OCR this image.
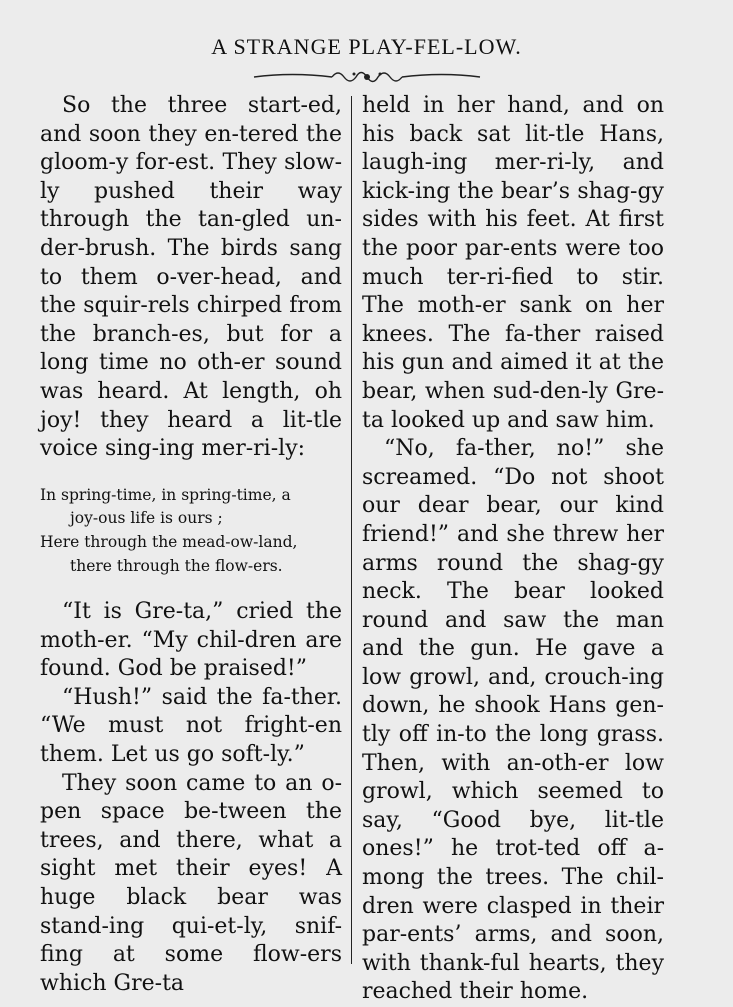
A STRANGE PLAY-FEL-LOW.

So the three start-ed, and soon they en-tered the gloom-y for-est. They slow-ly pushed their way through the tan-gled un-der-brush. The birds sang to them o-ver-head, and the squir-rels chirped from the branch-es, but for a long time no oth-er sound was heard. At length, oh joy! they heard a lit-tle voice sing-ing mer-ri-ly:

In spring-time, in spring-time, a
joy-ous life is ours ;
Here through the mead-ow-land,
there through the flow-ers.

“It is Gre-ta,” cried the moth-er. “My chil-dren are found. God be praised!”

“Hush!” said the fa-ther. “We must not fright-en them. Let us go soft-ly.”

They soon came to an o-pen space be-tween the trees, and there, what a sight met their eyes! A huge black bear was stand-ing qui-et-ly, snif-fing at some flow-ers which Gre-ta

held in her hand, and on his back sat lit-tle Hans, laugh-ing mer-ri-ly, and kick-ing the bear’s shag-gy sides with his feet. At first the poor par-ents were too much ter-ri-fied to stir. The moth-er sank on her knees. The fa-ther raised his gun and aimed it at the bear, when sud-den-ly Gre-ta looked up and saw him.

“No, fa-ther, no!” she screamed. “Do not shoot our dear bear, our kind friend!” and she threw her arms round the shag-gy neck. The bear looked round and saw the man and the gun. He gave a low growl, and, crouch-ing down, he shook Hans gen-tly off in-to the long grass. Then, with an-oth-er low growl, which seemed to say, “Good bye, lit-tle ones!” he trot-ted off a-mong the trees. The chil-dren were clasped in their par-ents’ arms, and soon, with thank-ful hearts, they reached their home.
